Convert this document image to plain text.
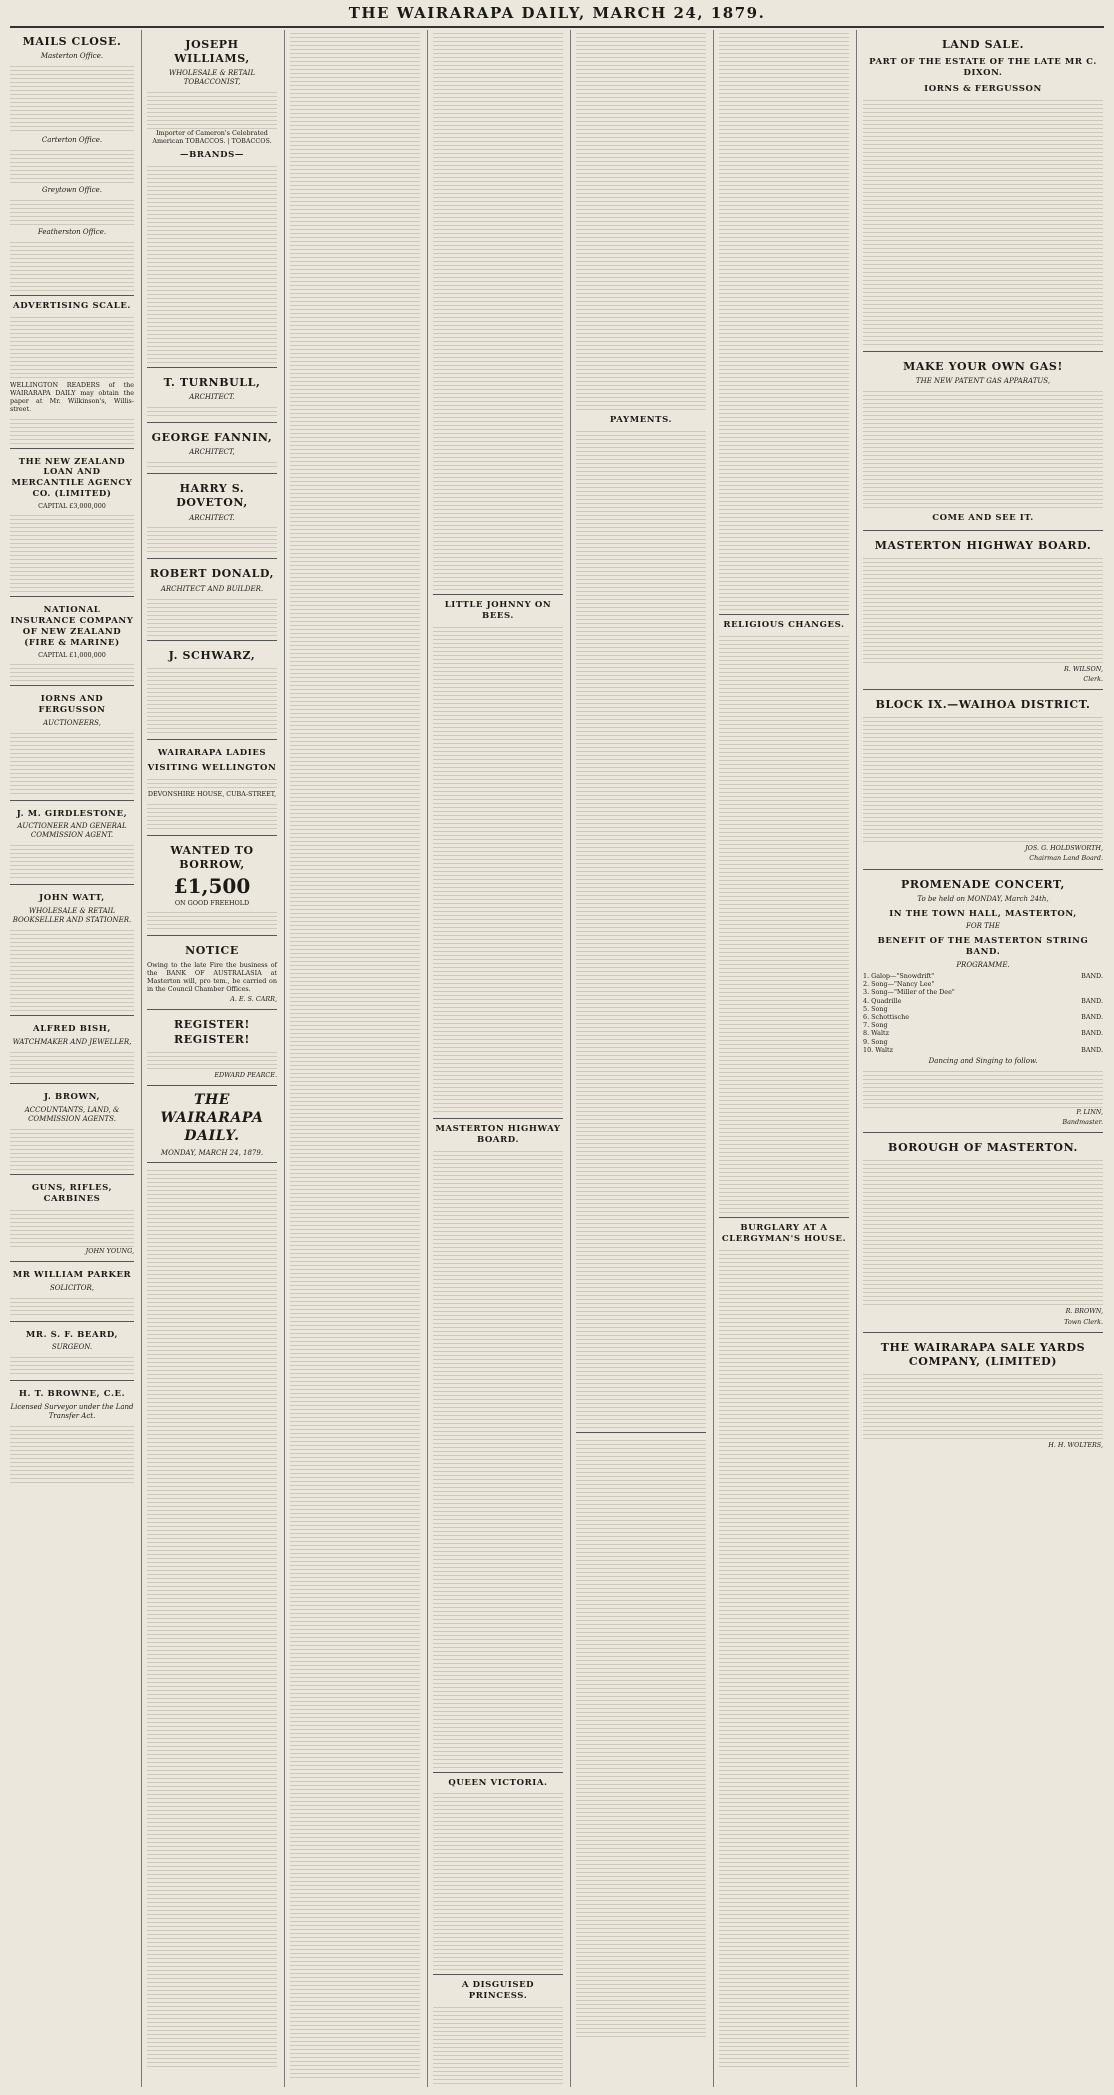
THE WAIRARAPA DAILY, MARCH 24, 1879.
MAILS CLOSE.
Masterton Office.
Carterton Office.
Greytown Office.
Featherston Office.
ADVERTISING SCALE.

WELLINGTON READERS of the WAIRARAPA DAILY may obtain the paper at Mr. Wilkinson's, Willis-street.

THE NEW ZEALAND LOAN AND MERCANTILE AGENCY CO. (LIMITED)

CAPITAL £3,000,000

NATIONAL INSURANCE COMPANY OF NEW ZEALAND (FIRE & MARINE)

CAPITAL £1,000,000

IORNS AND FERGUSSON
AUCTIONEERS,
J. M. GIRDLESTONE,
AUCTIONEER AND GENERAL COMMISSION AGENT.
JOHN WATT,
WHOLESALE & RETAIL BOOKSELLER AND STATIONER.
ALFRED BISH,
WATCHMAKER AND JEWELLER,
J. BROWN,
ACCOUNTANTS, LAND, & COMMISSION AGENTS.
GUNS, RIFLES, CARBINES

JOHN YOUNG,

MR WILLIAM PARKER
SOLICITOR,
MR. S. F. BEARD,
SURGEON.
H. T. BROWNE, C.E.
Licensed Surveyor under the Land Transfer Act.
JOSEPH WILLIAMS,
WHOLESALE & RETAIL TOBACCONIST,

Importer of Cameron's Celebrated American TOBACCOS. | TOBACCOS.

—BRANDS—
T. TURNBULL,
ARCHITECT.
GEORGE FANNIN,
ARCHITECT,
HARRY S. DOVETON,
ARCHITECT.
ROBERT DONALD,
ARCHITECT AND BUILDER.
J. SCHWARZ,
WAIRARAPA LADIES
VISITING WELLINGTON

DEVONSHIRE HOUSE, CUBA-STREET,

WANTED TO BORROW,
£1,500

ON GOOD FREEHOLD

NOTICE

Owing to the late Fire the business of the BANK OF AUSTRALASIA at Masterton will, pro tem., be carried on in the Council Chamber Offices.

A. E. S. CARR,

REGISTER! REGISTER!

EDWARD PEARCE.

THE WAIRARAPA DAILY.
MONDAY, MARCH 24, 1879.
LITTLE JOHNNY ON BEES.
MASTERTON HIGHWAY BOARD.
QUEEN VICTORIA.
A DISGUISED PRINCESS.
PAYMENTS.
RELIGIOUS CHANGES.
BURGLARY AT A CLERGYMAN'S HOUSE.
LAND SALE.
PART OF THE ESTATE OF THE LATE MR C. DIXON.
IORNS & FERGUSSON
MAKE YOUR OWN GAS!
THE NEW PATENT GAS APPARATUS,
COME AND SEE IT.
MASTERTON HIGHWAY BOARD.

R. WILSON,

Clerk.

BLOCK IX.—WAIHOA DISTRICT.

JOS. G. HOLDSWORTH,

Chairman Land Board.

PROMENADE CONCERT,
To be held on MONDAY, March 24th,
IN THE TOWN HALL, MASTERTON,
FOR THE
BENEFIT OF THE MASTERTON STRING BAND.
PROGRAMME.
1. Galop—"Snowdrift"	BAND.
2. Song—"Nancy Lee"
3. Song—"Miller of the Dee"
4. Quadrille	BAND.
5. Song
6. Schottische	BAND.
7. Song
8. Waltz	BAND.
9. Song
10. Waltz	BAND.
Dancing and Singing to follow.

P. LINN,

Bandmaster.

BOROUGH OF MASTERTON.

R. BROWN,

Town Clerk.

THE WAIRARAPA SALE YARDS COMPANY, (LIMITED)

H. H. WOLTERS,
